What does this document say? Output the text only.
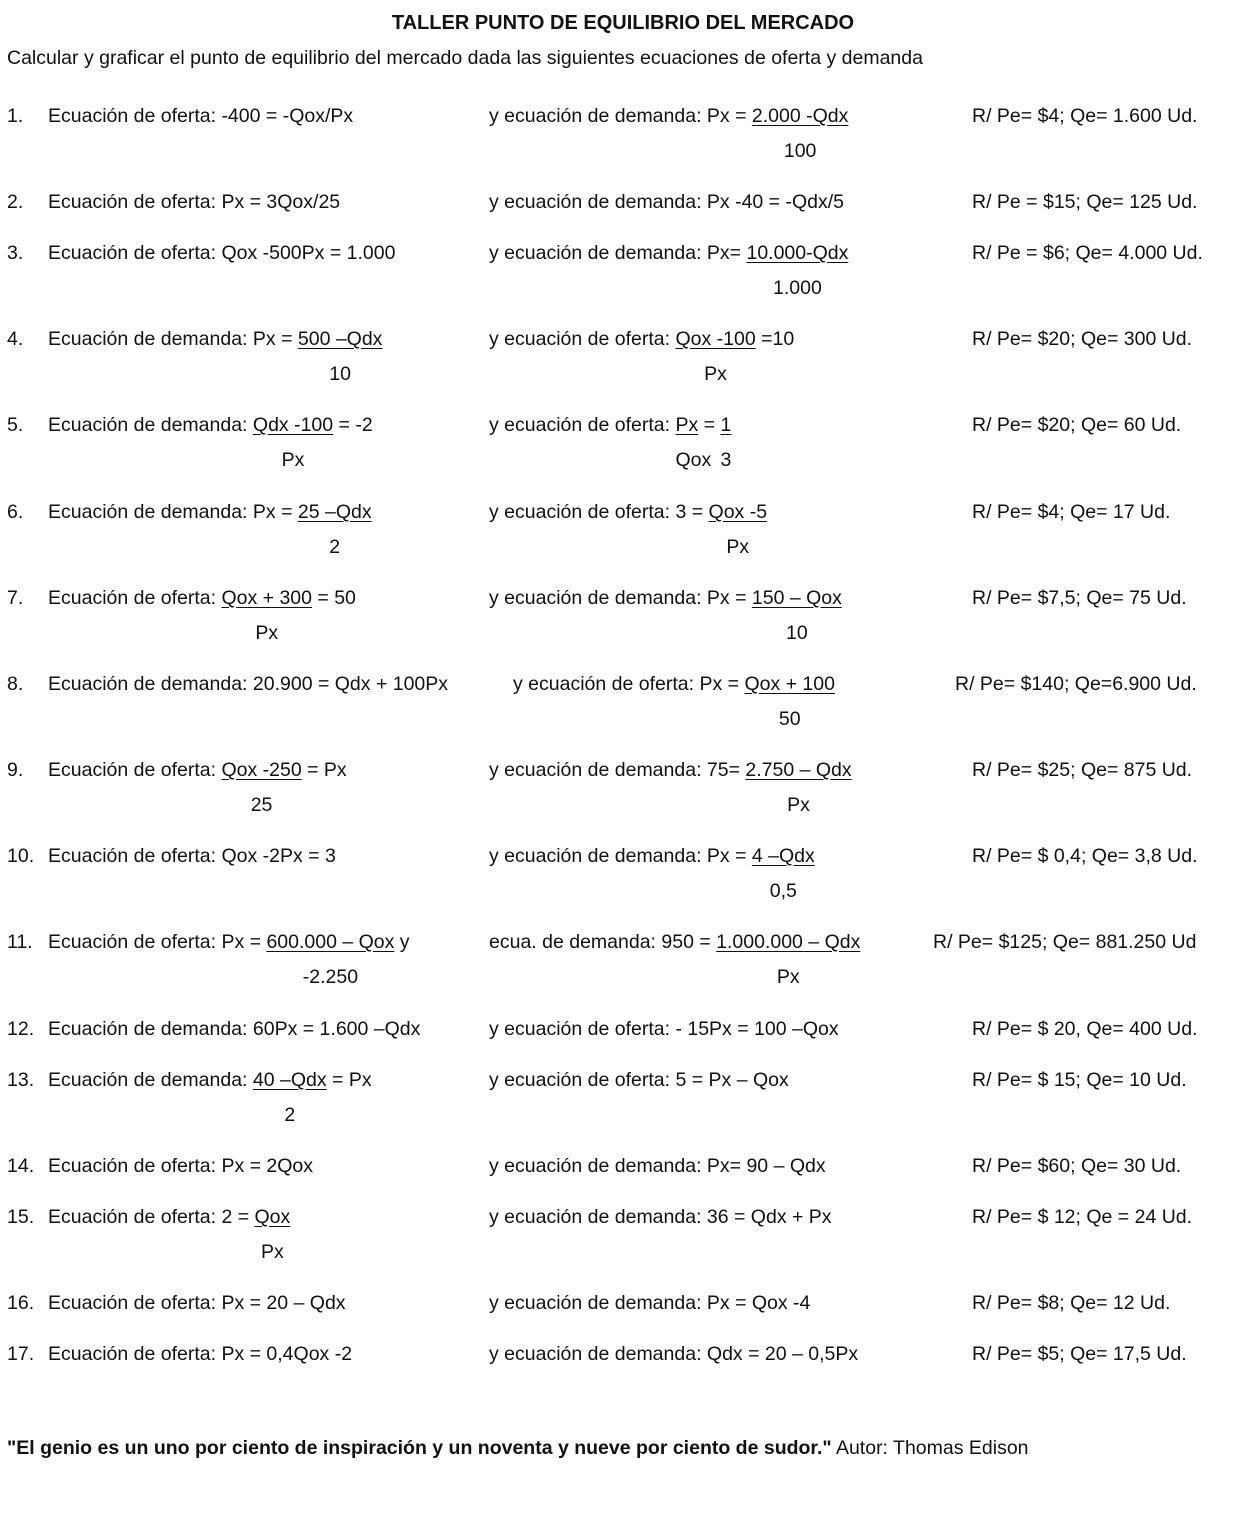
TALLER PUNTO DE EQUILIBRIO DEL MERCADO
Calcular y graficar el punto de equilibrio del mercado dada las siguientes ecuaciones de oferta y demanda
1. Ecuación de oferta: -400 = -Qox/Px	y ecuación de demanda: $Px = \frac{\text{2.000 -Qdx}}{100}$	R/ Pe= $4; Qe= 1.600 Ud.
2. Ecuación de oferta: Px = 3Qox/25	y ecuación de demanda: Px -40 = -Qdx/5	R/ Pe = $15; Qe= 125 Ud.
3. Ecuación de oferta: Qox -500Px = 1.000	y ecuación de demanda: $Px= \frac{\text{10.000-Qdx}}{1.000}$	R/ Pe = $6; Qe= 4.000 Ud.
4. Ecuación de demanda: $Px = \frac{\text{500 –Qdx}}{10}$	y ecuación de oferta: $\frac{\text{Qox -100}}{Px} =10$	R/ Pe= $20; Qe= 300 Ud.
5. Ecuación de demanda: $\frac{\text{Qdx -100}}{Px} = -2$	y ecuación de oferta: $\frac{Px}{\text{Qox}} = \frac{1}{3}$	R/ Pe= $20; Qe= 60 Ud.
6. Ecuación de demanda: $Px = \frac{\text{25 –Qdx}}{2}$	y ecuación de oferta: $3 = \frac{\text{Qox -5}}{Px}$	R/ Pe= $4; Qe= 17 Ud.
7. Ecuación de oferta: $\frac{\text{Qox + 300}}{Px} = 50$	y ecuación de demanda: $Px = \frac{\text{150 – Qox}}{10}$	R/ Pe= $7,5; Qe= 75 Ud.
8. Ecuación de demanda: 20.900 = Qdx + 100Px	y ecuación de oferta: $Px = \frac{\text{Qox + 100}}{50}$	R/ Pe= $140; Qe=6.900 Ud.
9. Ecuación de oferta: $\frac{\text{Qox -250}}{25} = Px$	y ecuación de demanda: $75= \frac{\text{2.750 – Qdx}}{Px}$	R/ Pe= $25; Qe= 875 Ud.
10. Ecuación de oferta: Qox -2Px = 3	y ecuación de demanda: $Px = \frac{\text{4 –Qdx}}{0,5}$	R/ Pe= $ 0,4; Qe= 3,8 Ud.
11. Ecuación de oferta: $Px = \frac{\text{600.000 – Qox}}{-2.250}$ y	ecua. de demanda: $950 = \frac{\text{1.000.000 – Qdx}}{Px}$	R/ Pe= $125; Qe= 881.250 Ud
12. Ecuación de demanda: 60Px = 1.600 –Qdx	y ecuación de oferta: - 15Px = 100 –Qox	R/ Pe= $ 20, Qe= 400 Ud.
13. Ecuación de demanda: $\frac{\text{40 –Qdx}}{2} = Px$	y ecuación de oferta: 5 = Px – Qox	R/ Pe= $ 15; Qe= 10 Ud.
14. Ecuación de oferta: Px = 2Qox	y ecuación de demanda: Px= 90 – Qdx	R/ Pe= $60; Qe= 30 Ud.
15. Ecuación de oferta: $2 = \frac{\text{Qox}}{Px}$	y ecuación de demanda: 36 = Qdx + Px	R/ Pe= $ 12; Qe = 24 Ud.
16. Ecuación de oferta: Px = 20 – Qdx	y ecuación de demanda: Px = Qox -4	R/ Pe= $8; Qe= 12 Ud.
17. Ecuación de oferta: Px = 0,4Qox -2	y ecuación de demanda: Qdx = 20 – 0,5Px	R/ Pe= $5; Qe= 17,5 Ud.
"El genio es un uno por ciento de inspiración y un noventa y nueve por ciento de sudor." Autor: Thomas Edison
